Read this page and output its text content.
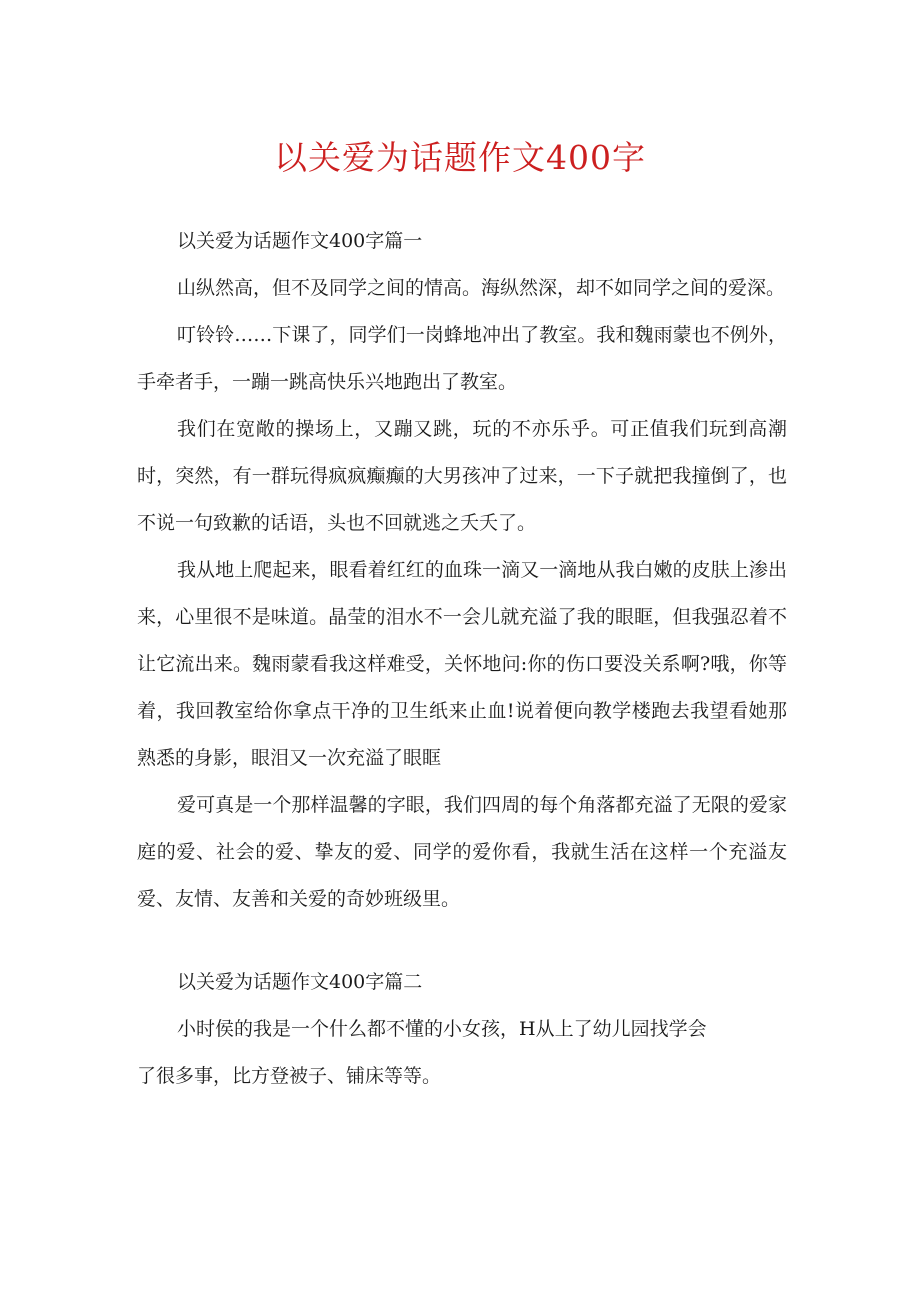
以关爱为话题作文400字
以关爱为话题作文400字篇一

山纵然高，但不及同学之间的情高。海纵然深，却不如同学之间的爱深。

叮铃铃……下课了，同学们一岗蜂地冲出了教室。我和魏雨蒙也不例外，手牵者手，一蹦一跳高快乐兴地跑出了教室。

我们在宽敞的操场上，又蹦又跳，玩的不亦乐乎。可正值我们玩到高潮时，突然，有一群玩得疯疯癫癫的大男孩冲了过来，一下子就把我撞倒了，也不说一句致歉的话语，头也不回就逃之夭夭了。

我从地上爬起来，眼看着红红的血珠一滴又一滴地从我白嫩的皮肤上渗出来，心里很不是味道。晶莹的泪水不一会儿就充溢了我的眼眶，但我强忍着不让它流出来。魏雨蒙看我这样难受，关怀地问:你的伤口要没关系啊?哦，你等着，我回教室给你拿点干净的卫生纸来止血!说着便向教学楼跑去我望看她那熟悉的身影，眼泪又一次充溢了眼眶

爱可真是一个那样温馨的字眼，我们四周的每个角落都充溢了无限的爱家庭的爱、社会的爱、挚友的爱、同学的爱你看，我就生活在这样一个充溢友爱、友情、友善和关爱的奇妙班级里。

以关爱为话题作文400字篇二

小时侯的我是一个什么都不懂的小女孩，H从上了幼儿园找学会

了很多事，比方登被子、铺床等等。
